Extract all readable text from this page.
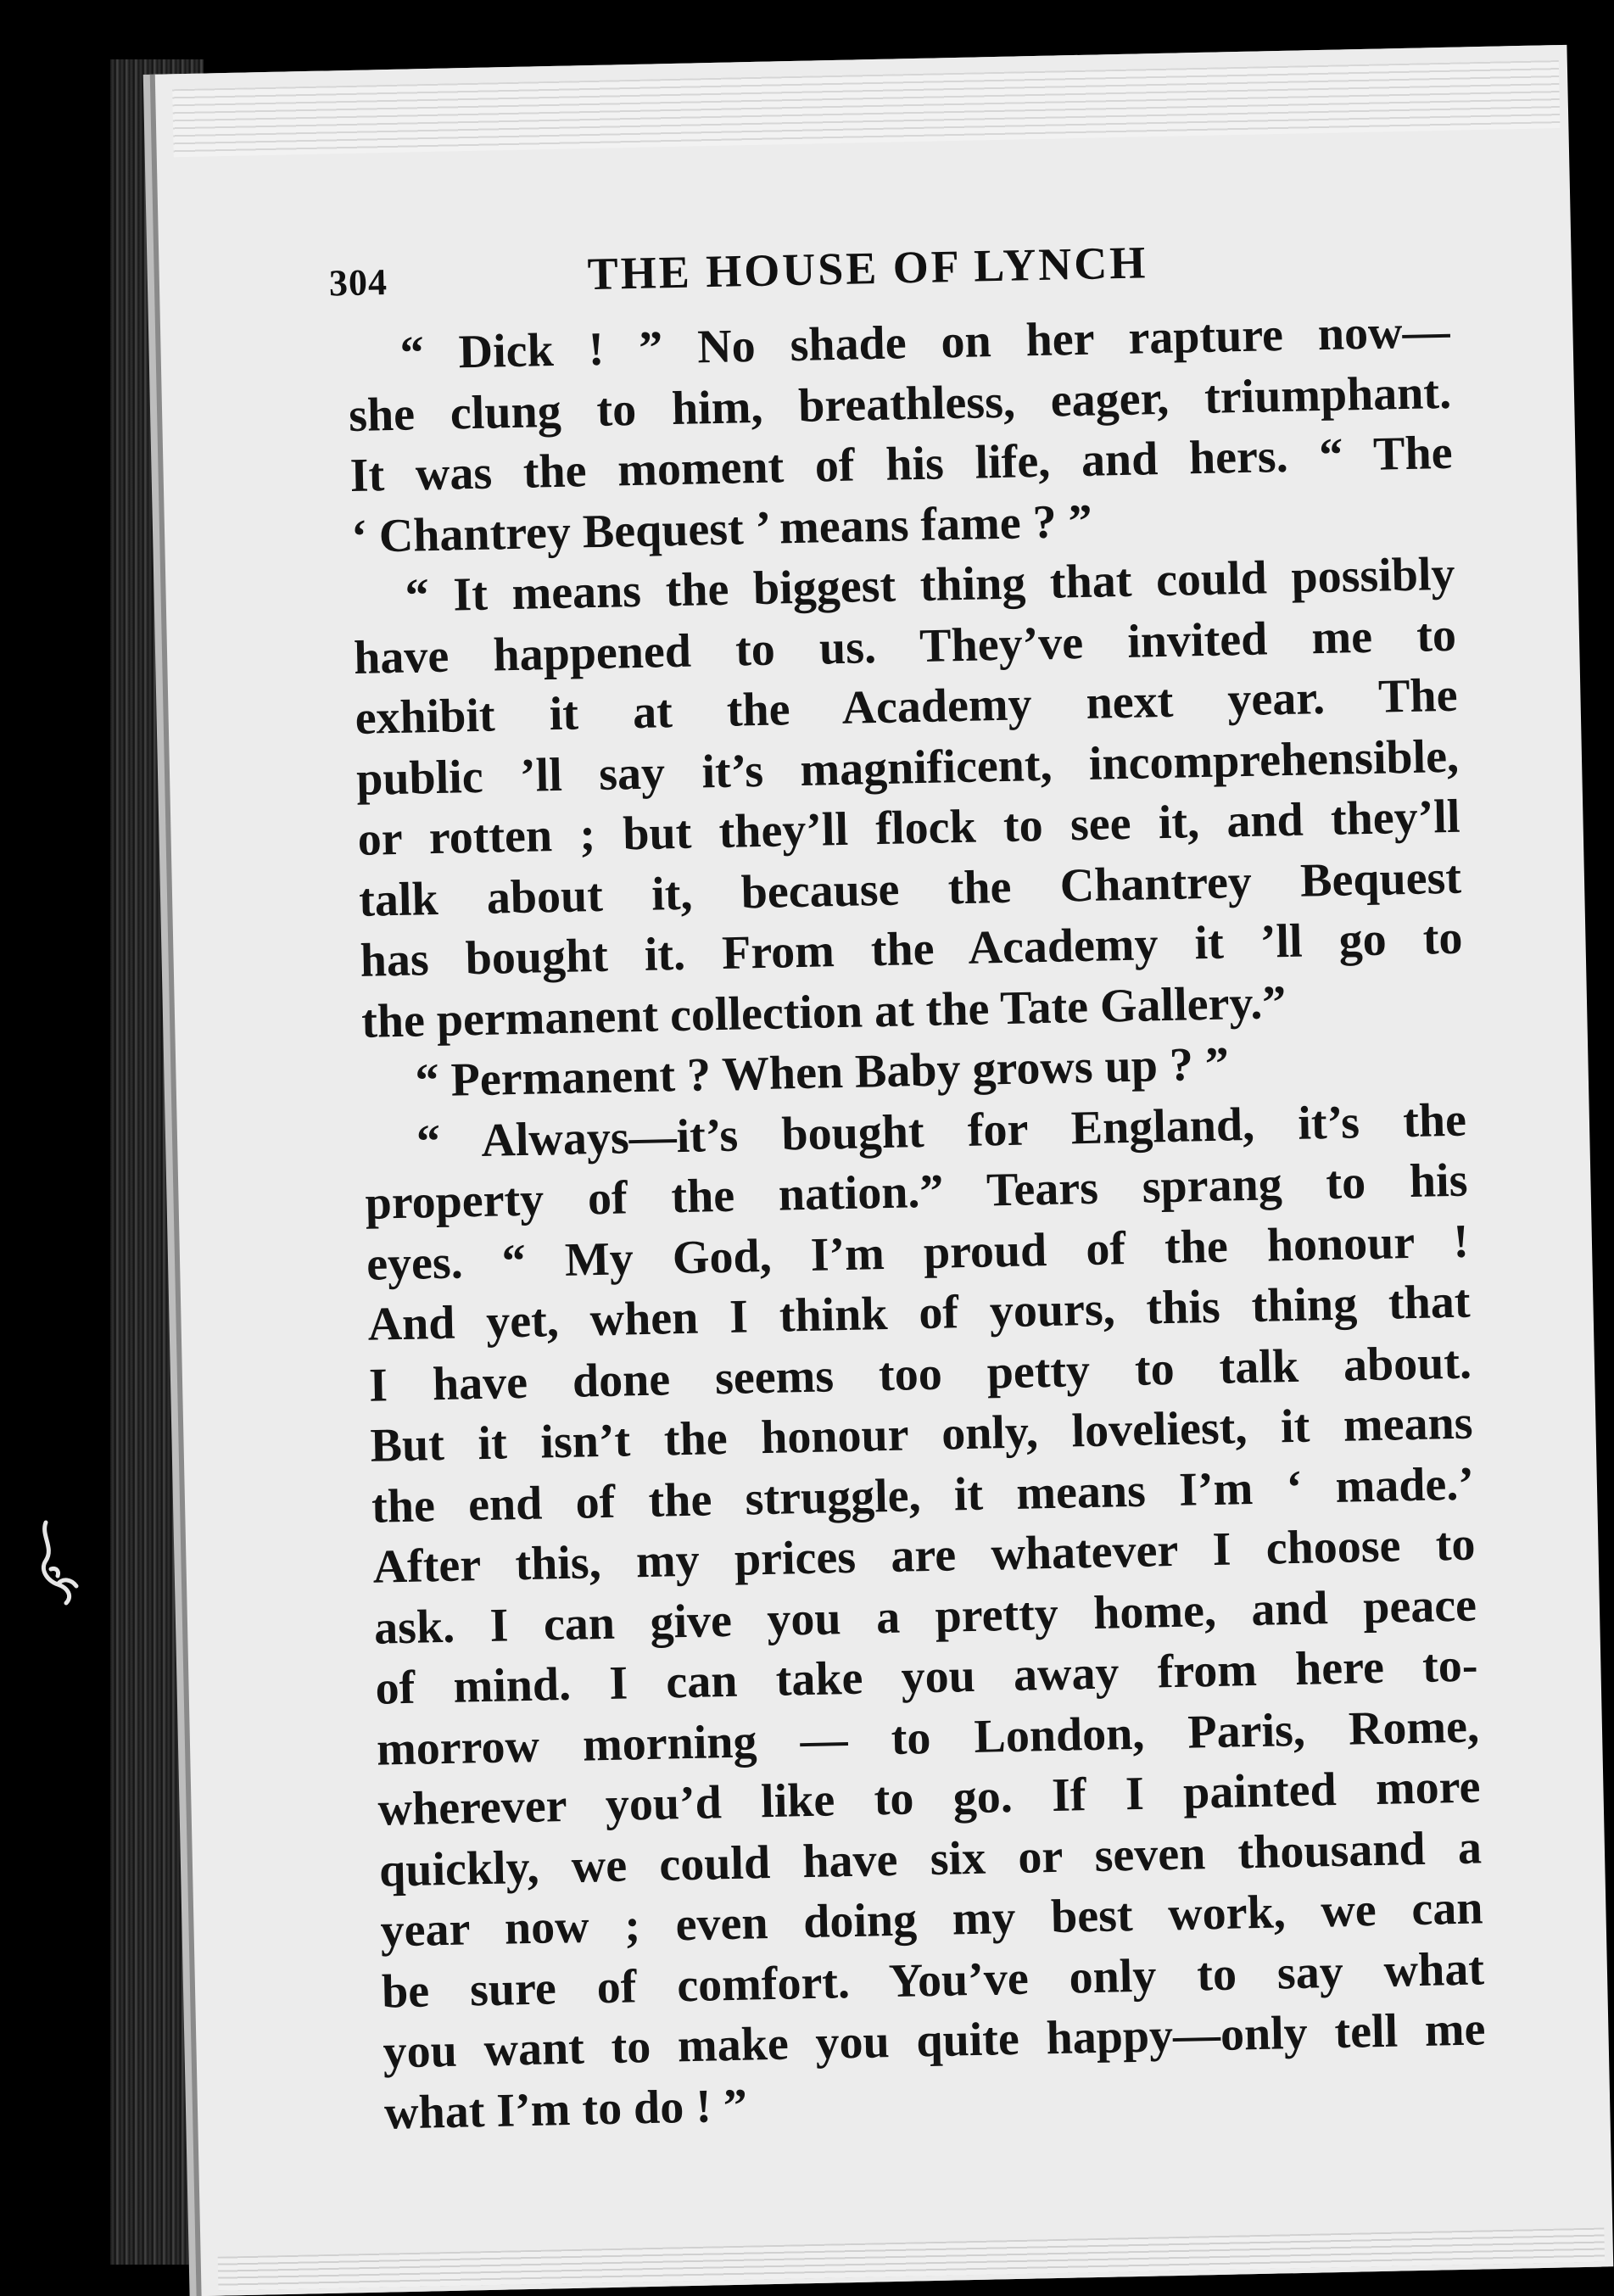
304	THE HOUSE OF LYNCH
“ Dick ! ” No shade on her rapture now—
she clung to him, breathless, eager, triumphant.
It was the moment of his life, and hers. “ The
‘ Chantrey Bequest ’ means fame ? ”
“ It means the biggest thing that could possibly
have happened to us. They’ve invited me to
exhibit it at the Academy next year. The
public ’ll say it’s magnificent, incomprehensible,
or rotten ; but they’ll flock to see it, and they’ll
talk about it, because the Chantrey Bequest
has bought it. From the Academy it ’ll go to
the permanent collection at the Tate Gallery.”
“ Permanent ? When Baby grows up ? ”
“ Always—it’s bought for England, it’s the
property of the nation.” Tears sprang to his
eyes. “ My God, I’m proud of the honour !
And yet, when I think of yours, this thing that
I have done seems too petty to talk about.
But it isn’t the honour only, loveliest, it means
the end of the struggle, it means I’m ‘ made.’
After this, my prices are whatever I choose to
ask. I can give you a pretty home, and peace
of mind. I can take you away from here to-
morrow morning — to London, Paris, Rome,
wherever you’d like to go. If I painted more
quickly, we could have six or seven thousand a
year now ; even doing my best work, we can
be sure of comfort. You’ve only to say what
you want to make you quite happy—only tell me
what I’m to do ! ”
